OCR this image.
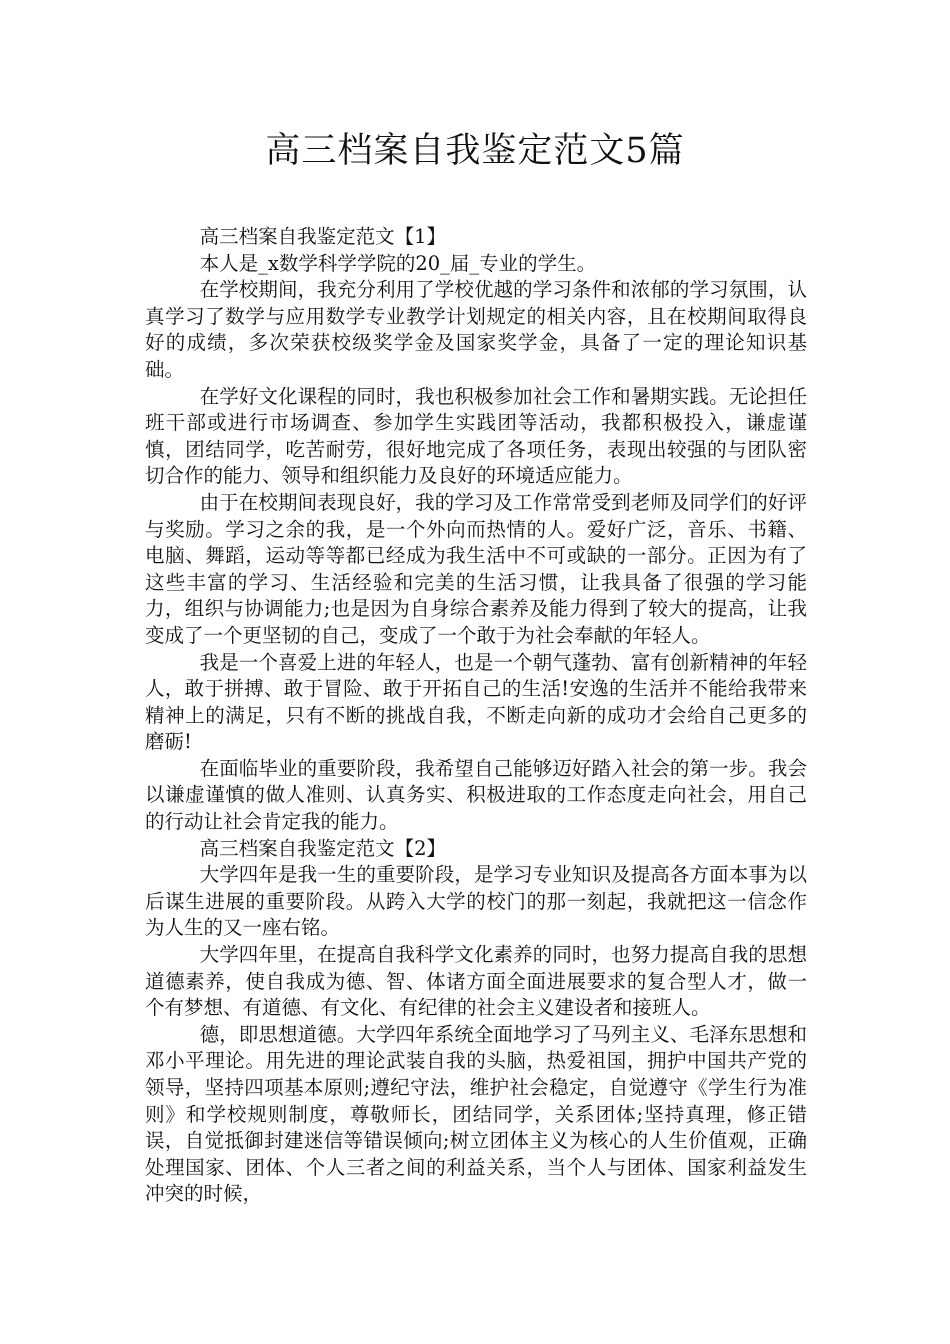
高三档案自我鉴定范文5篇

高三档案自我鉴定范文【1】

本人是_x数学科学学院的20_届_专业的学生。

在学校期间，我充分利用了学校优越的学习条件和浓郁的学习氛围，认真学习了数学与应用数学专业教学计划规定的相关内容，且在校期间取得良好的成绩，多次荣获校级奖学金及国家奖学金，具备了一定的理论知识基础。

在学好文化课程的同时，我也积极参加社会工作和暑期实践。无论担任班干部或进行市场调查、参加学生实践团等活动，我都积极投入，谦虚谨慎，团结同学，吃苦耐劳，很好地完成了各项任务，表现出较强的与团队密切合作的能力、领导和组织能力及良好的环境适应能力。

由于在校期间表现良好，我的学习及工作常常受到老师及同学们的好评与奖励。学习之余的我，是一个外向而热情的人。爱好广泛，音乐、书籍、电脑、舞蹈，运动等等都已经成为我生活中不可或缺的一部分。正因为有了这些丰富的学习、生活经验和完美的生活习惯，让我具备了很强的学习能力，组织与协调能力;也是因为自身综合素养及能力得到了较大的提高，让我变成了一个更坚韧的自己，变成了一个敢于为社会奉献的年轻人。

我是一个喜爱上进的年轻人，也是一个朝气蓬勃、富有创新精神的年轻人，敢于拼搏、敢于冒险、敢于开拓自己的生活!安逸的生活并不能给我带来精神上的满足，只有不断的挑战自我，不断走向新的成功才会给自己更多的磨砺!

在面临毕业的重要阶段，我希望自己能够迈好踏入社会的第一步。我会以谦虚谨慎的做人准则、认真务实、积极进取的工作态度走向社会，用自己的行动让社会肯定我的能力。

高三档案自我鉴定范文【2】

大学四年是我一生的重要阶段，是学习专业知识及提高各方面本事为以后谋生进展的重要阶段。从跨入大学的校门的那一刻起，我就把这一信念作为人生的又一座右铭。

大学四年里，在提高自我科学文化素养的同时，也努力提高自我的思想道德素养，使自我成为德、智、体诸方面全面进展要求的复合型人才，做一个有梦想、有道德、有文化、有纪律的社会主义建设者和接班人。

德，即思想道德。大学四年系统全面地学习了马列主义、毛泽东思想和邓小平理论。用先进的理论武装自我的头脑，热爱祖国，拥护中国共产党的领导，坚持四项基本原则;遵纪守法，维护社会稳定，自觉遵守《学生行为准则》和学校规则制度，尊敬师长，团结同学，关系团体;坚持真理，修正错误，自觉抵御封建迷信等错误倾向;树立团体主义为核心的人生价值观，正确处理国家、团体、个人三者之间的利益关系，当个人与团体、国家利益发生冲突的时候，
